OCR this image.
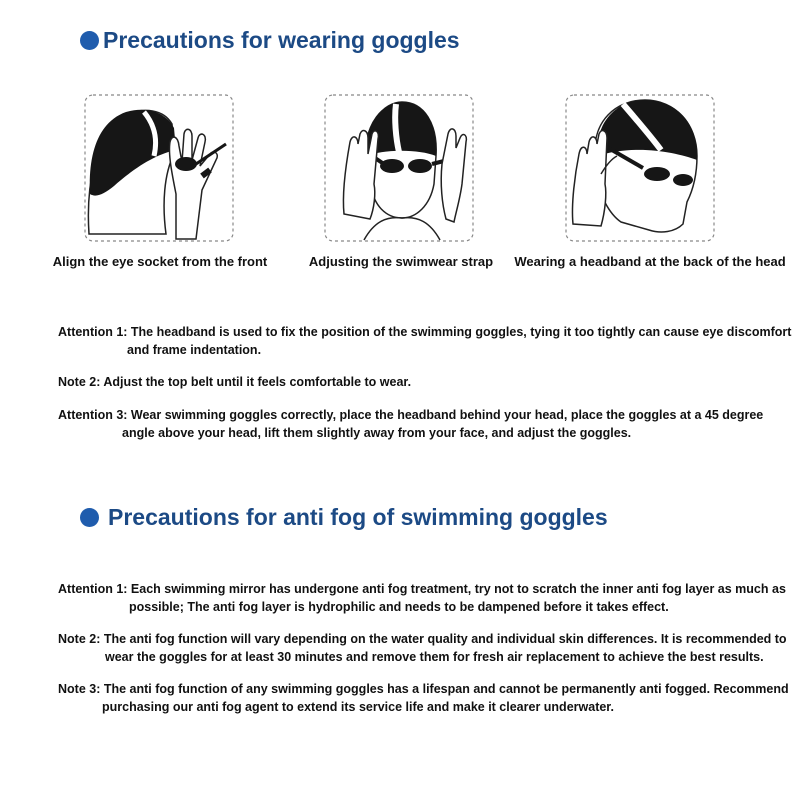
Precautions for wearing goggles
Align the eye socket from the front	Adjusting the swimwear strap Wearing a headband at the back of the head
Attention 1: The headband is used to fix the position of the swimming goggles, tying it too tightly can cause eye discomfort
and frame indentation.
Note 2: Adjust the top belt until it feels comfortable to wear.
Attention 3: Wear swimming goggles correctly, place the headband behind your head, place the goggles at a 45 degree
angle above your head, lift them slightly away from your face, and adjust the goggles.
Precautions for anti fog of swimming goggles
Attention 1: Each swimming mirror has undergone anti fog treatment, try not to scratch the inner anti fog layer as much as
possible; The anti fog layer is hydrophilic and needs to be dampened before it takes effect.
Note 2: The anti fog function will vary depending on the water quality and individual skin differences. It is recommended to
wear the goggles for at least 30 minutes and remove them for fresh air replacement to achieve the best results.
Note 3: The anti fog function of any swimming goggles has a lifespan and cannot be permanently anti fogged. Recommend
purchasing our anti fog agent to extend its service life and make it clearer underwater.
